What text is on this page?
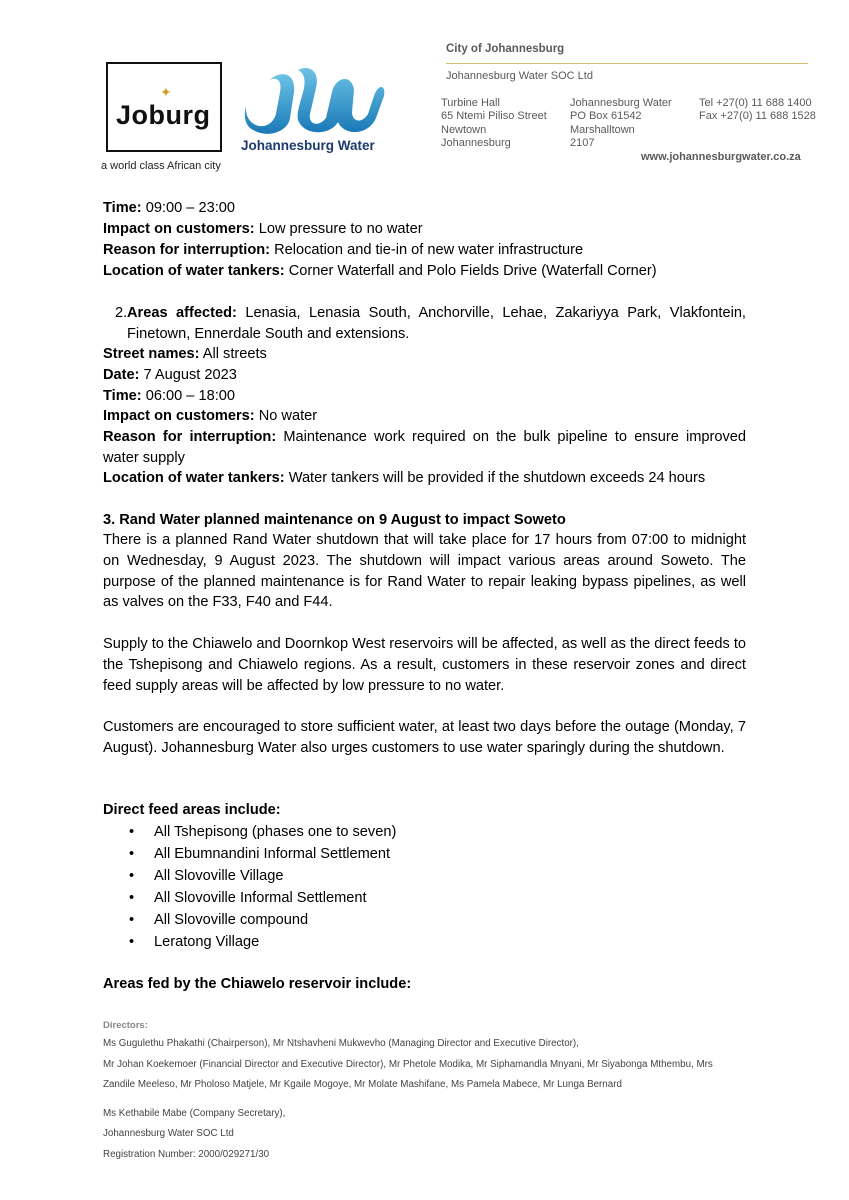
✦
Joburg
a world class African city
Johannesburg Water
City of Johannesburg
Johannesburg Water SOC Ltd
Turbine Hall
65 Ntemi Piliso Street
Newtown
Johannesburg
Johannesburg Water
PO Box 61542
Marshalltown
2107
Tel +27(0) 11 688 1400
Fax +27(0) 11 688 1528
www.johannesburgwater.co.za
Time: 09:00 – 23:00
Impact on customers: Low pressure to no water
Reason for interruption: Relocation and tie-in of new water infrastructure
Location of water tankers: Corner Waterfall and Polo Fields Drive (Waterfall Corner)
2. Areas affected: Lenasia, Lenasia South, Anchorville, Lehae, Zakariyya Park, Vlakfontein, Finetown, Ennerdale South and extensions.
Street names: All streets
Date: 7 August 2023
Time: 06:00 – 18:00
Impact on customers: No water
Reason for interruption: Maintenance work required on the bulk pipeline to ensure improved water supply
Location of water tankers: Water tankers will be provided if the shutdown exceeds 24 hours
3. Rand Water planned maintenance on 9 August to impact Soweto
There is a planned Rand Water shutdown that will take place for 17 hours from 07:00 to midnight on Wednesday, 9 August 2023. The shutdown will impact various areas around Soweto. The purpose of the planned maintenance is for Rand Water to repair leaking bypass pipelines, as well as valves on the F33, F40 and F44.
Supply to the Chiawelo and Doornkop West reservoirs will be affected, as well as the direct feeds to the Tshepisong and Chiawelo regions. As a result, customers in these reservoir zones and direct feed supply areas will be affected by low pressure to no water.
Customers are encouraged to store sufficient water, at least two days before the outage (Monday, 7 August). Johannesburg Water also urges customers to use water sparingly during the shutdown.
Direct feed areas include:
• All Tshepisong (phases one to seven)
• All Ebumnandini Informal Settlement
• All Slovoville Village
• All Slovoville Informal Settlement
• All Slovoville compound
• Leratong Village
Areas fed by the Chiawelo reservoir include:
Directors:
Ms Gugulethu Phakathi (Chairperson), Mr Ntshavheni Mukwevho (Managing Director and Executive Director),
Mr Johan Koekemoer (Financial Director and Executive Director), Mr Phetole Modika, Mr Siphamandla Mnyani, Mr Siyabonga Mthembu, Mrs
Zandile Meeleso, Mr Pholoso Matjele, Mr Kgaile Mogoye, Mr Molate Mashifane, Ms Pamela Mabece, Mr Lunga Bernard
Ms Kethabile Mabe (Company Secretary),
Johannesburg Water SOC Ltd
Registration Number: 2000/029271/30
